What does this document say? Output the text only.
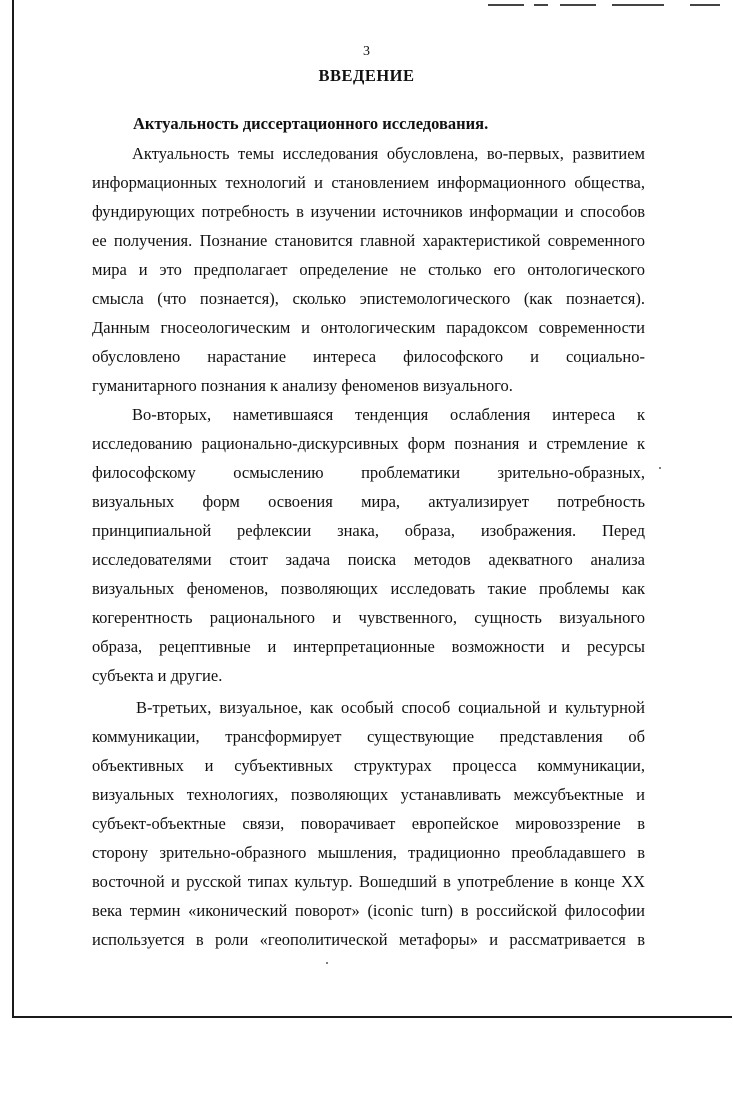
3
ВВЕДЕНИЕ
Актуальность диссертационного исследования.
Актуальность темы исследования обусловлена, во-первых, развитием
информационных технологий и становлением информационного общества,
фундирующих потребность в изучении источников информации и способов
ее получения. Познание становится главной характеристикой современного
мира и это предполагает определение не столько его онтологического
смысла (что познается), сколько эпистемологического (как познается).
Данным гносеологическим и онтологическим парадоксом современности
обусловлено нарастание интереса философского и социально-
гуманитарного познания к анализу феноменов визуального.
Во-вторых, наметившаяся тенденция ослабления интереса к
исследованию рационально-дискурсивных форм познания и стремление к
философскому осмыслению проблематики зрительно-образных,
визуальных форм освоения мира, актуализирует потребность
принципиальной рефлексии знака, образа, изображения. Перед
исследователями стоит задача поиска методов адекватного анализа
визуальных феноменов, позволяющих исследовать такие проблемы как
когерентность рационального и чувственного, сущность визуального
образа, рецептивные и интерпретационные возможности и ресурсы
субъекта и другие.
В-третьих, визуальное, как особый способ социальной и культурной
коммуникации, трансформирует существующие представления об
объективных и субъективных структурах процесса коммуникации,
визуальных технологиях, позволяющих устанавливать межсубъектные и
субъект-объектные связи, поворачивает европейское мировоззрение в
сторону зрительно-образного мышления, традиционно преобладавшего в
восточной и русской типах культур. Вошедший в употребление в конце XX
века термин «иконический поворот» (iconic turn) в российской философии
используется в роли «геополитической метафоры» и рассматривается в
